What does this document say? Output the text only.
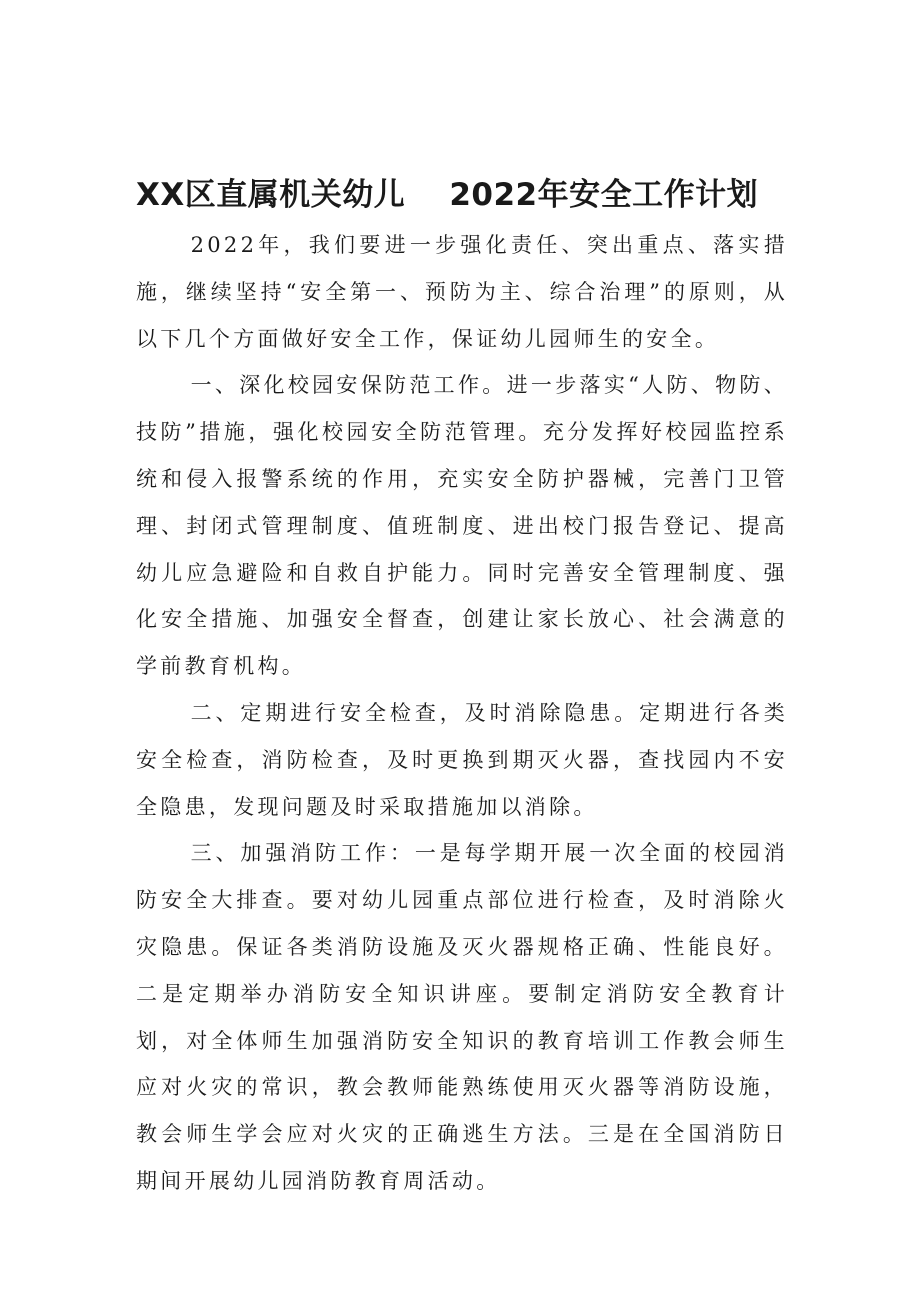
XX区直属机关幼儿 2022年安全工作计划

2022年，我们要进一步强化责任、突出重点、落实措施，继续坚持“安全第一、预防为主、综合治理”的原则，从以下几个方面做好安全工作，保证幼儿园师生的安全。

一、深化校园安保防范工作。进一步落实“人防、物防、技防”措施，强化校园安全防范管理。充分发挥好校园监控系统和侵入报警系统的作用，充实安全防护器械，完善门卫管理、封闭式管理制度、值班制度、进出校门报告登记、提高幼儿应急避险和自救自护能力。同时完善安全管理制度、强化安全措施、加强安全督查，创建让家长放心、社会满意的学前教育机构。

二、定期进行安全检查，及时消除隐患。定期进行各类安全检查，消防检查，及时更换到期灭火器，查找园内不安全隐患，发现问题及时采取措施加以消除。

三、加强消防工作：一是每学期开展一次全面的校园消防安全大排查。要对幼儿园重点部位进行检查，及时消除火灾隐患。保证各类消防设施及灭火器规格正确、性能良好。二是定期举办消防安全知识讲座。要制定消防安全教育计划，对全体师生加强消防安全知识的教育培训工作教会师生应对火灾的常识，教会教师能熟练使用灭火器等消防设施，教会师生学会应对火灾的正确逃生方法。三是在全国消防日期间开展幼儿园消防教育周活动。
